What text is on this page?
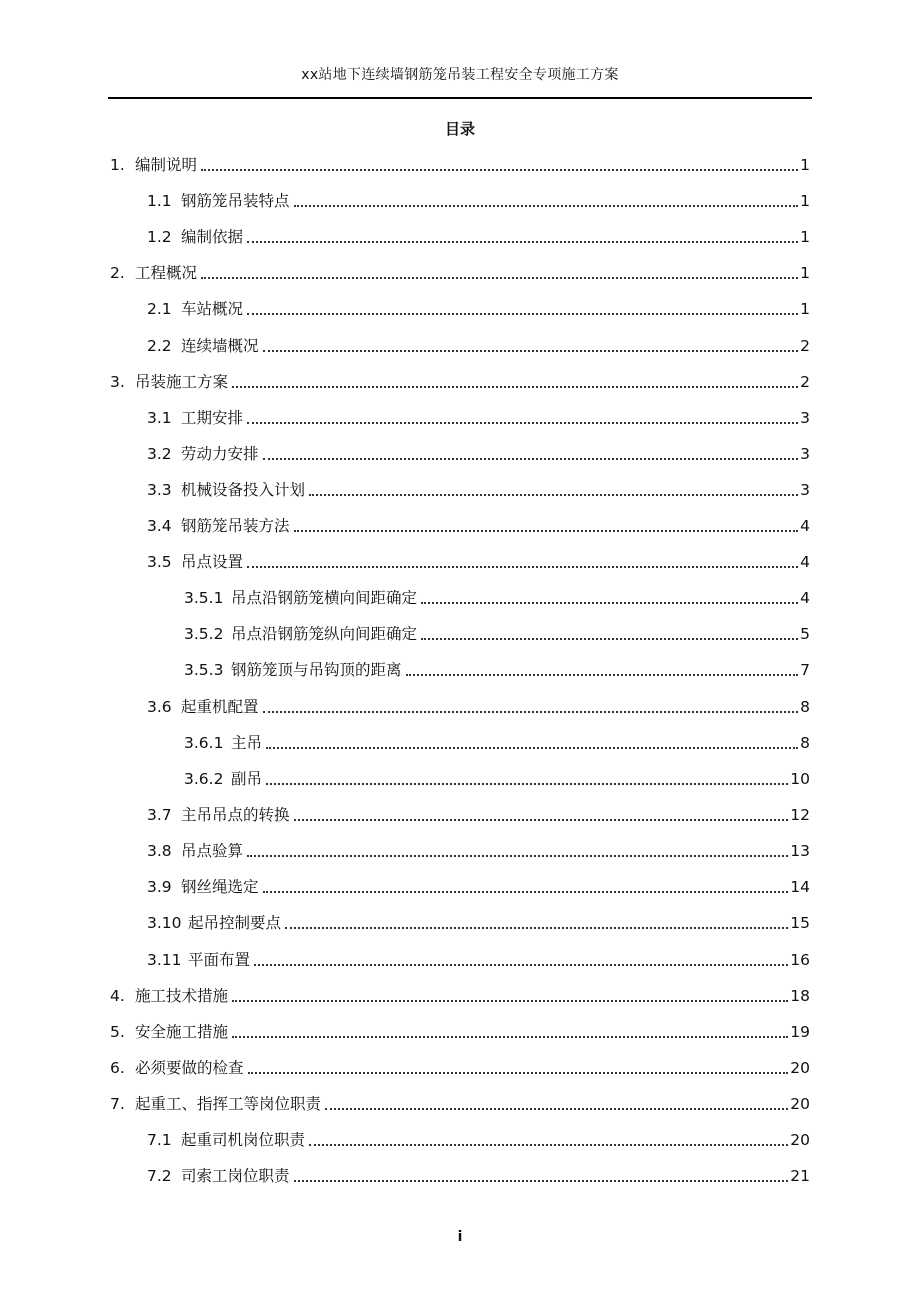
xx站地下连续墙钢筋笼吊装工程安全专项施工方案
目录
1. 编制说明	1
1.1 钢筋笼吊装特点	1
1.2 编制依据	1
2. 工程概况	1
2.1 车站概况	1
2.2 连续墙概况	2
3. 吊装施工方案	2
3.1 工期安排	3
3.2 劳动力安排	3
3.3 机械设备投入计划	3
3.4 钢筋笼吊装方法	4
3.5 吊点设置	4
3.5.1 吊点沿钢筋笼横向间距确定	4
3.5.2 吊点沿钢筋笼纵向间距确定	5
3.5.3 钢筋笼顶与吊钩顶的距离	7
3.6 起重机配置	8
3.6.1 主吊	8
3.6.2 副吊	10
3.7 主吊吊点的转换	12
3.8 吊点验算	13
3.9 钢丝绳选定	14
3.10 起吊控制要点	15
3.11 平面布置	16
4. 施工技术措施	18
5. 安全施工措施	19
6. 必须要做的检查	20
7. 起重工、指挥工等岗位职责	20
7.1 起重司机岗位职责	20
7.2 司索工岗位职责	21
i
